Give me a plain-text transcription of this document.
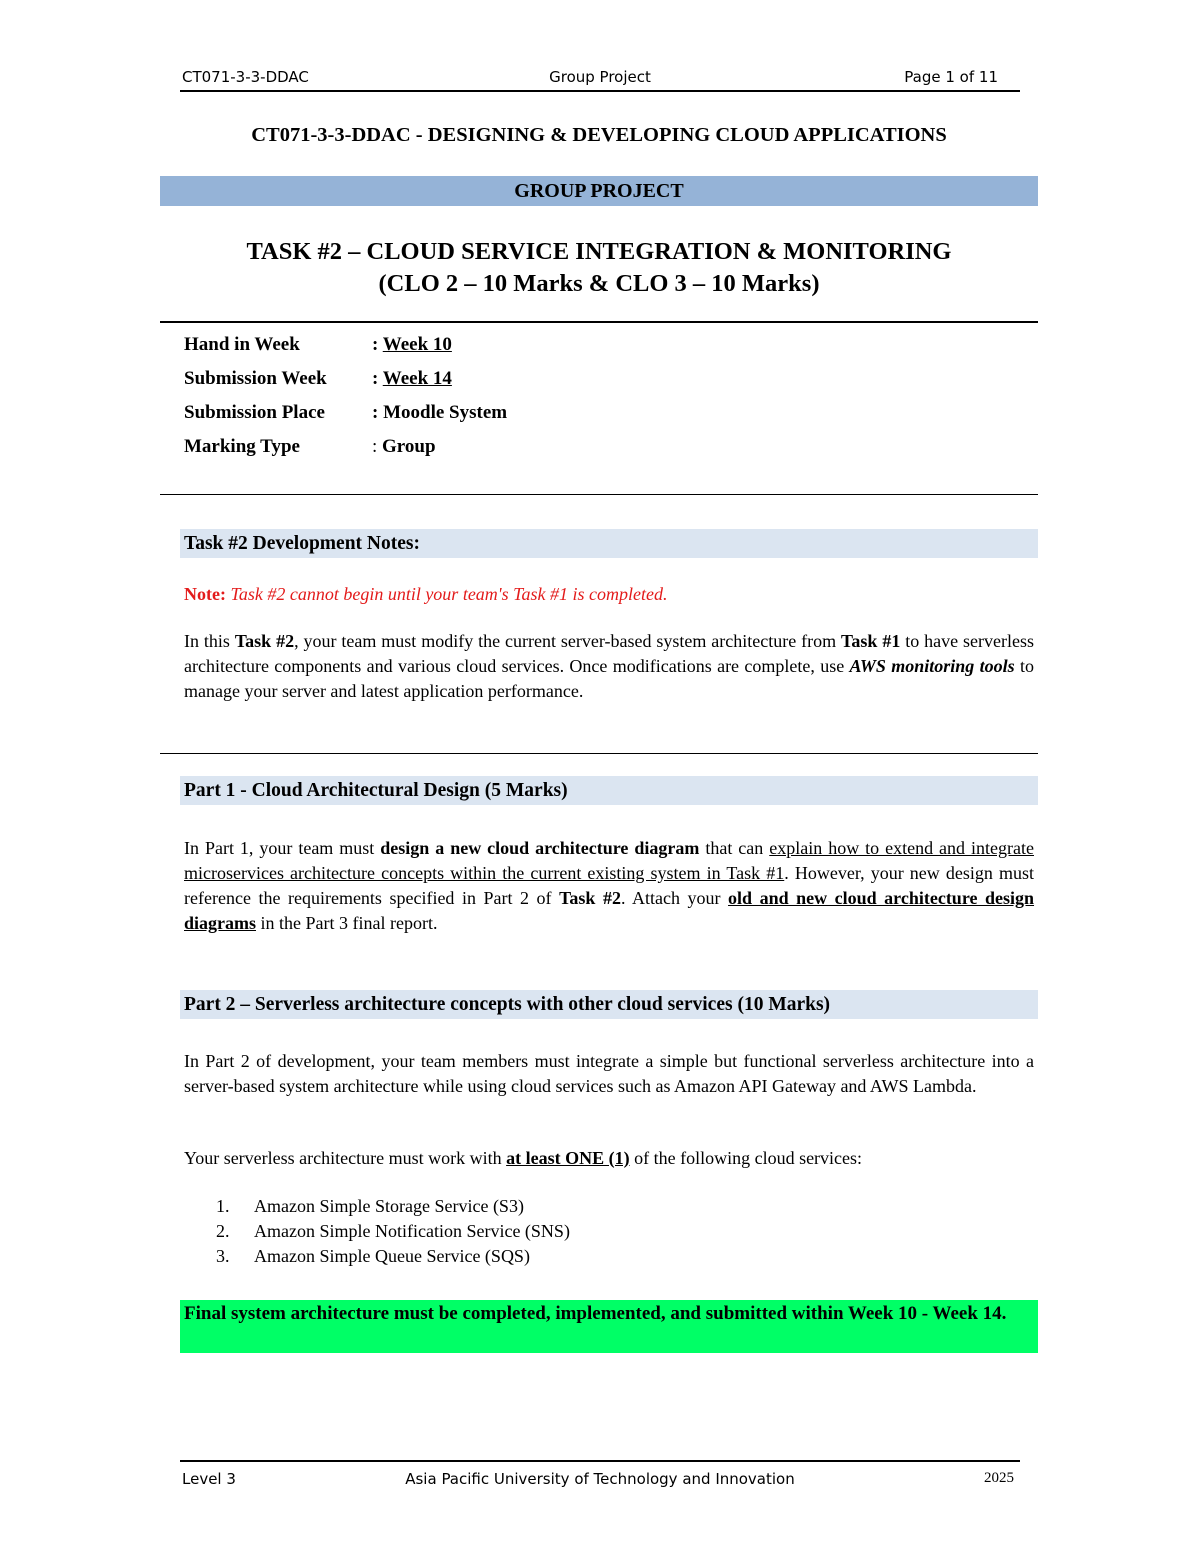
CT071-3-3-DDAC	Group Project	Page 1 of 11
CT071-3-3-DDAC - DESIGNING & DEVELOPING CLOUD APPLICATIONS
GROUP PROJECT
TASK #2 – CLOUD SERVICE INTEGRATION & MONITORING
(CLO 2 – 10 Marks & CLO 3 – 10 Marks)
Hand in Week	: Week 10
Submission Week : Week 14
Submission Place : Moodle System
Marking Type	: Group
Task #2 Development Notes:
Note: Task #2 cannot begin until your team's Task #1 is completed.
In this Task #2, your team must modify the current server-based system architecture from Task #1 to have serverless architecture components and various cloud services. Once modifications are complete, use AWS monitoring tools to manage your server and latest application performance.
Part 1 - Cloud Architectural Design (5 Marks)
In Part 1, your team must design a new cloud architecture diagram that can explain how to extend and integrate microservices architecture concepts within the current existing system in Task #1. However, your new design must reference the requirements specified in Part 2 of Task #2. Attach your old and new cloud architecture design diagrams in the Part 3 final report.
Part 2 – Serverless architecture concepts with other cloud services (10 Marks)
In Part 2 of development, your team members must integrate a simple but functional serverless architecture into a server-based system architecture while using cloud services such as Amazon API Gateway and AWS Lambda.
Your serverless architecture must work with at least ONE (1) of the following cloud services:
1. Amazon Simple Storage Service (S3)
2. Amazon Simple Notification Service (SNS)
3. Amazon Simple Queue Service (SQS)
Final system architecture must be completed, implemented, and submitted within Week 10 - Week 14.
Level 3	Asia Pacific University of Technology and Innovation	2025
